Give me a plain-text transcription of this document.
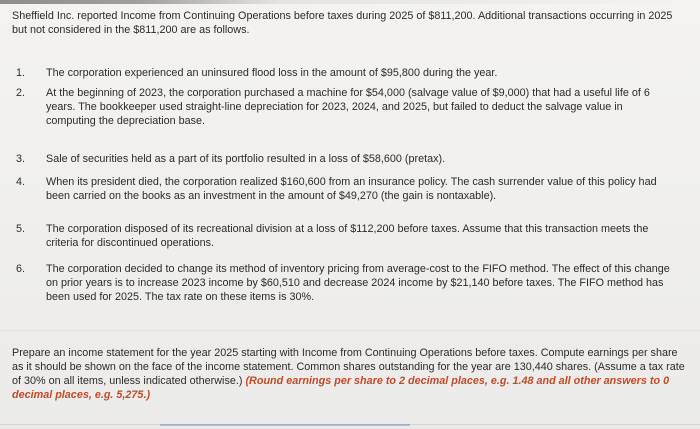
Sheffield Inc. reported Income from Continuing Operations before taxes during 2025 of $811,200. Additional transactions occurring in 2025 but not considered in the $811,200 are as follows.
1.	The corporation experienced an uninsured flood loss in the amount of $95,800 during the year.
2.	At the beginning of 2023, the corporation purchased a machine for $54,000 (salvage value of $9,000) that had a useful life of 6 years. The bookkeeper used straight-line depreciation for 2023, 2024, and 2025, but failed to deduct the salvage value in computing the depreciation base.
3.	Sale of securities held as a part of its portfolio resulted in a loss of $58,600 (pretax).
4.	When its president died, the corporation realized $160,600 from an insurance policy. The cash surrender value of this policy had been carried on the books as an investment in the amount of $49,270 (the gain is nontaxable).
5.	The corporation disposed of its recreational division at a loss of $112,200 before taxes. Assume that this transaction meets the criteria for discontinued operations.
6.	The corporation decided to change its method of inventory pricing from average-cost to the FIFO method. The effect of this change on prior years is to increase 2023 income by $60,510 and decrease 2024 income by $21,140 before taxes. The FIFO method has been used for 2025. The tax rate on these items is 30%.
Prepare an income statement for the year 2025 starting with Income from Continuing Operations before taxes. Compute earnings per share as it should be shown on the face of the income statement. Common shares outstanding for the year are 130,440 shares. (Assume a tax rate of 30% on all items, unless indicated otherwise.) (Round earnings per share to 2 decimal places, e.g. 1.48 and all other answers to 0 decimal places, e.g. 5,275.)
